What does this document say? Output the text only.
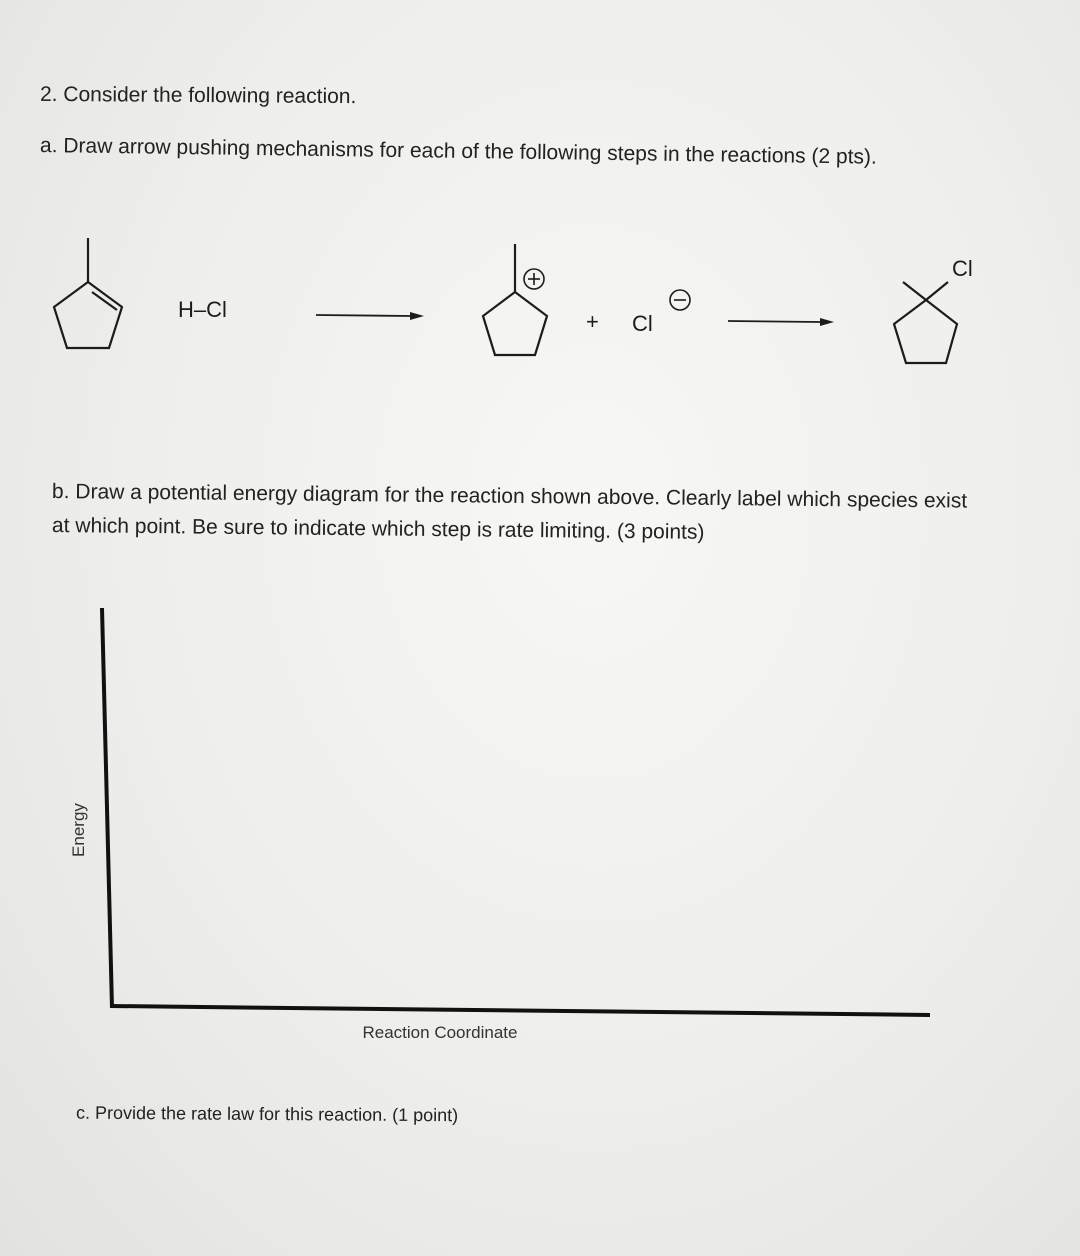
2. Consider the following reaction.
a. Draw arrow pushing mechanisms for each of the following steps in the reactions (2 pts).
H–Cl	+ Cl
Cl
b. Draw a potential energy diagram for the reaction shown above. Clearly label which species exist
at which point. Be sure to indicate which step is rate limiting. (3 points)
Energy
Reaction Coordinate
c. Provide the rate law for this reaction. (1 point)
